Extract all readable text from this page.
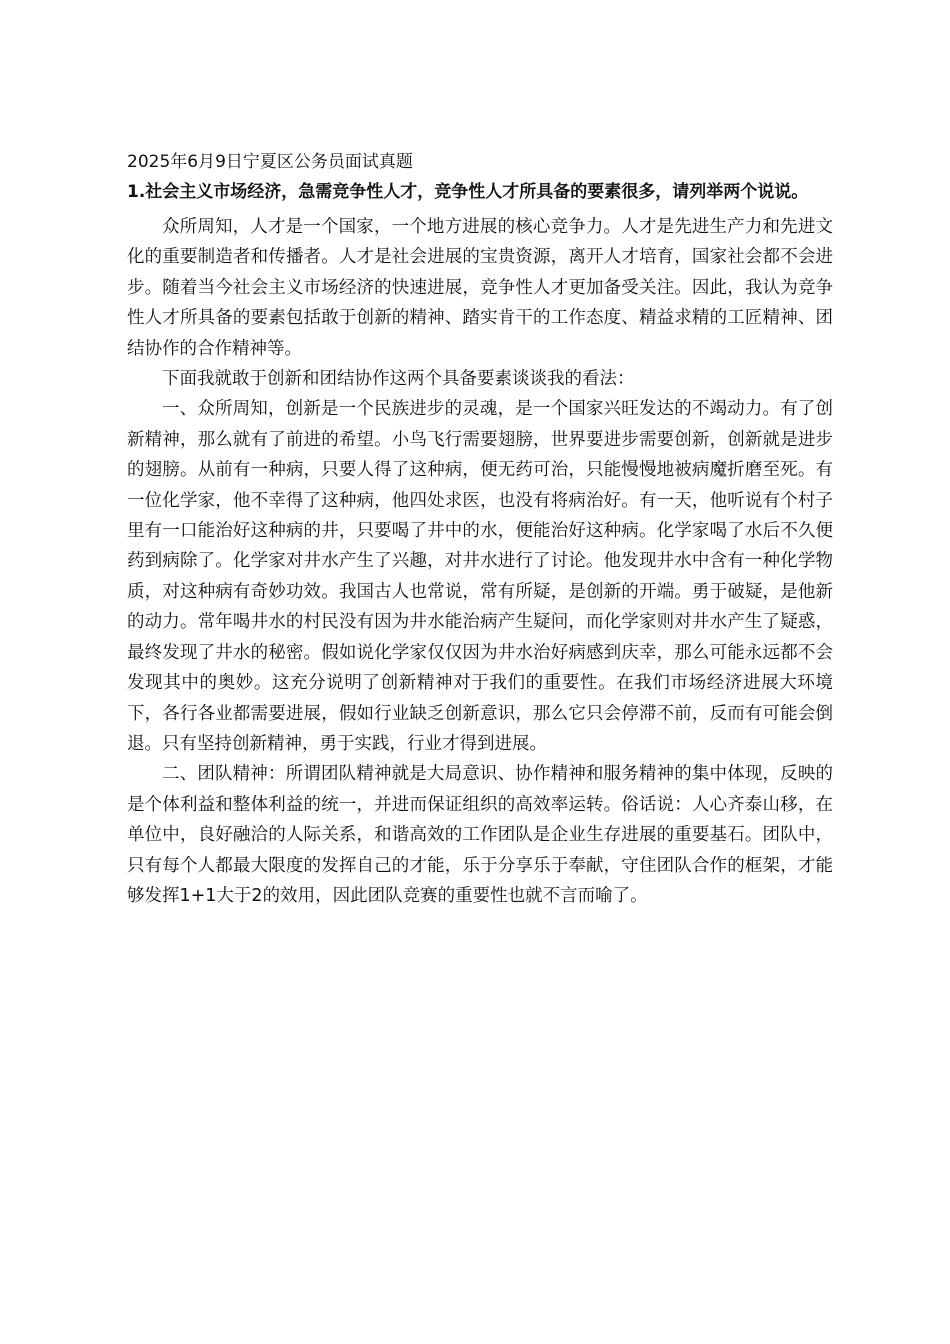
2025年6月9日宁夏区公务员面试真题
1.社会主义市场经济，急需竞争性人才，竞争性人才所具备的要素很多，请列举两个说说。

众所周知，人才是一个国家，一个地方进展的核心竞争力。人才是先进生产力和先进文化的重要制造者和传播者。人才是社会进展的宝贵资源，离开人才培育，国家社会都不会进步。随着当今社会主义市场经济的快速进展，竞争性人才更加备受关注。因此，我认为竞争性人才所具备的要素包括敢于创新的精神、踏实肯干的工作态度、精益求精的工匠精神、团结协作的合作精神等。

下面我就敢于创新和团结协作这两个具备要素谈谈我的看法：

一、众所周知，创新是一个民族进步的灵魂，是一个国家兴旺发达的不竭动力。有了创新精神，那么就有了前进的希望。小鸟飞行需要翅膀，世界要进步需要创新，创新就是进步的翅膀。从前有一种病，只要人得了这种病，便无药可治，只能慢慢地被病魔折磨至死。有一位化学家，他不幸得了这种病，他四处求医，也没有将病治好。有一天，他听说有个村子里有一口能治好这种病的井，只要喝了井中的水，便能治好这种病。化学家喝了水后不久便药到病除了。化学家对井水产生了兴趣，对井水进行了讨论。他发现井水中含有一种化学物质，对这种病有奇妙功效。我国古人也常说，常有所疑，是创新的开端。勇于破疑，是他新的动力。常年喝井水的村民没有因为井水能治病产生疑问，而化学家则对井水产生了疑惑，最终发现了井水的秘密。假如说化学家仅仅因为井水治好病感到庆幸，那么可能永远都不会发现其中的奥妙。这充分说明了创新精神对于我们的重要性。在我们市场经济进展大环境下，各行各业都需要进展，假如行业缺乏创新意识，那么它只会停滞不前，反而有可能会倒退。只有坚持创新精神，勇于实践，行业才得到进展。

二、团队精神：所谓团队精神就是大局意识、协作精神和服务精神的集中体现，反映的是个体利益和整体利益的统一，并进而保证组织的高效率运转。俗话说：人心齐泰山移，在单位中，良好融洽的人际关系，和谐高效的工作团队是企业生存进展的重要基石。团队中，只有每个人都最大限度的发挥自己的才能，乐于分享乐于奉献，守住团队合作的框架，才能够发挥1+1大于2的效用，因此团队竞赛的重要性也就不言而喻了。
